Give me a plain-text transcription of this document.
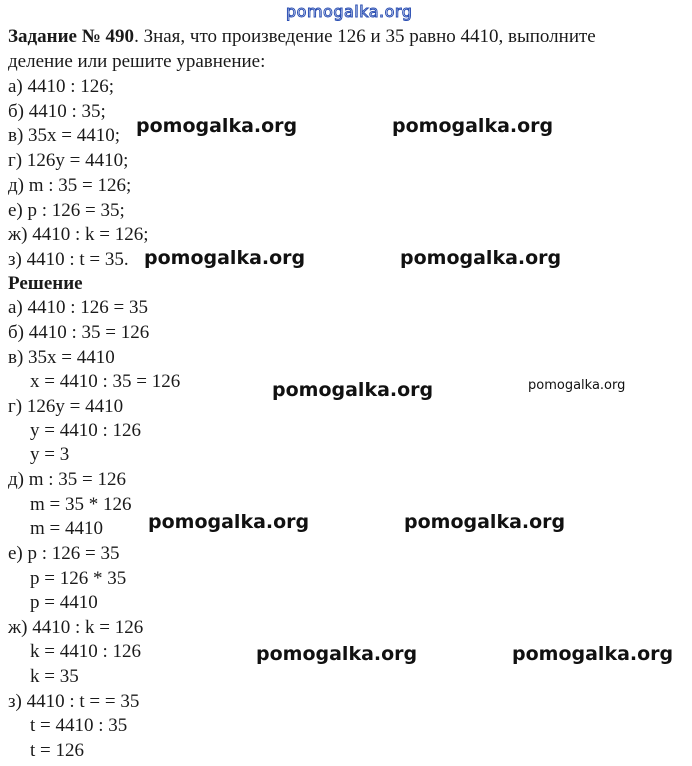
pomogalka.org
Задание № 490. Зная, что произведение 126 и 35 равно 4410, выполните
деление или решите уравнение:
а) 4410 : 126;
б) 4410 : 35;
в) 35x = 4410;
г) 126y = 4410;
д) m : 35 = 126;
е) p : 126 = 35;
ж) 4410 : k = 126;
з) 4410 : t = 35.
Решение
а) 4410 : 126 = 35
б) 4410 : 35 = 126
в) 35x = 4410
x = 4410 : 35 = 126
г) 126y = 4410
y = 4410 : 126
y = 3
д) m : 35 = 126
m = 35 * 126
m = 4410
е) p : 126 = 35
p = 126 * 35
p = 4410
ж) 4410 : k = 126
k = 4410 : 126
k = 35
з) 4410 : t = = 35
t = 4410 : 35
t = 126
pomogalka.org	pomogalka.org
pomogalka.org	pomogalka.org
pomogalka.org	pomogalka.org
pomogalka.org	pomogalka.org
pomogalka.org	pomogalka.org
